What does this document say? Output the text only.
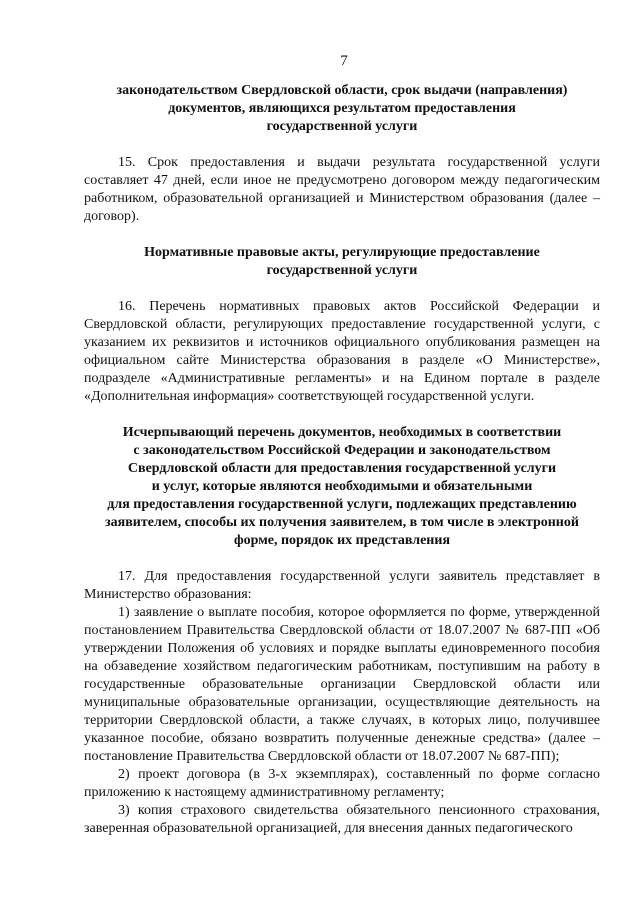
7
законодательством Свердловской области, срок выдачи (направления)
документов, являющихся результатом предоставления
государственной услуги

15. Срок предоставления и выдачи результата государственной услуги составляет 47 дней, если иное не предусмотрено договором между педагогическим работником, образовательной организацией и Министерством образования (далее – договор).

Нормативные правовые акты, регулирующие предоставление
государственной услуги

16. Перечень нормативных правовых актов Российской Федерации и Свердловской области, регулирующих предоставление государственной услуги, с указанием их реквизитов и источников официального опубликования размещен на официальном сайте Министерства образования в разделе «О Министерстве», подразделе «Административные регламенты» и на Едином портале в разделе «Дополнительная информация» соответствующей государственной услуги.

Исчерпывающий перечень документов, необходимых в соответствии
с законодательством Российской Федерации и законодательством
Свердловской области для предоставления государственной услуги
и услуг, которые являются необходимыми и обязательными
для предоставления государственной услуги, подлежащих представлению
заявителем, способы их получения заявителем, в том числе в электронной
форме, порядок их представления

17. Для предоставления государственной услуги заявитель представляет в Министерство образования:

1) заявление о выплате пособия, которое оформляется по форме, утвержденной постановлением Правительства Свердловской области от 18.07.2007 № 687-ПП «Об утверждении Положения об условиях и порядке выплаты единовременного пособия на обзаведение хозяйством педагогическим работникам, поступившим на работу в государственные образовательные организации Свердловской области или муниципальные образовательные организации, осуществляющие деятельность на территории Свердловской области, а также случаях, в которых лицо, получившее указанное пособие, обязано возвратить полученные денежные средства» (далее – постановление Правительства Свердловской области от 18.07.2007 № 687-ПП);

2) проект договора (в 3-х экземплярах), составленный по форме согласно приложению к настоящему административному регламенту;

3) копия страхового свидетельства обязательного пенсионного страхования, заверенная образовательной организацией, для внесения данных педагогического
